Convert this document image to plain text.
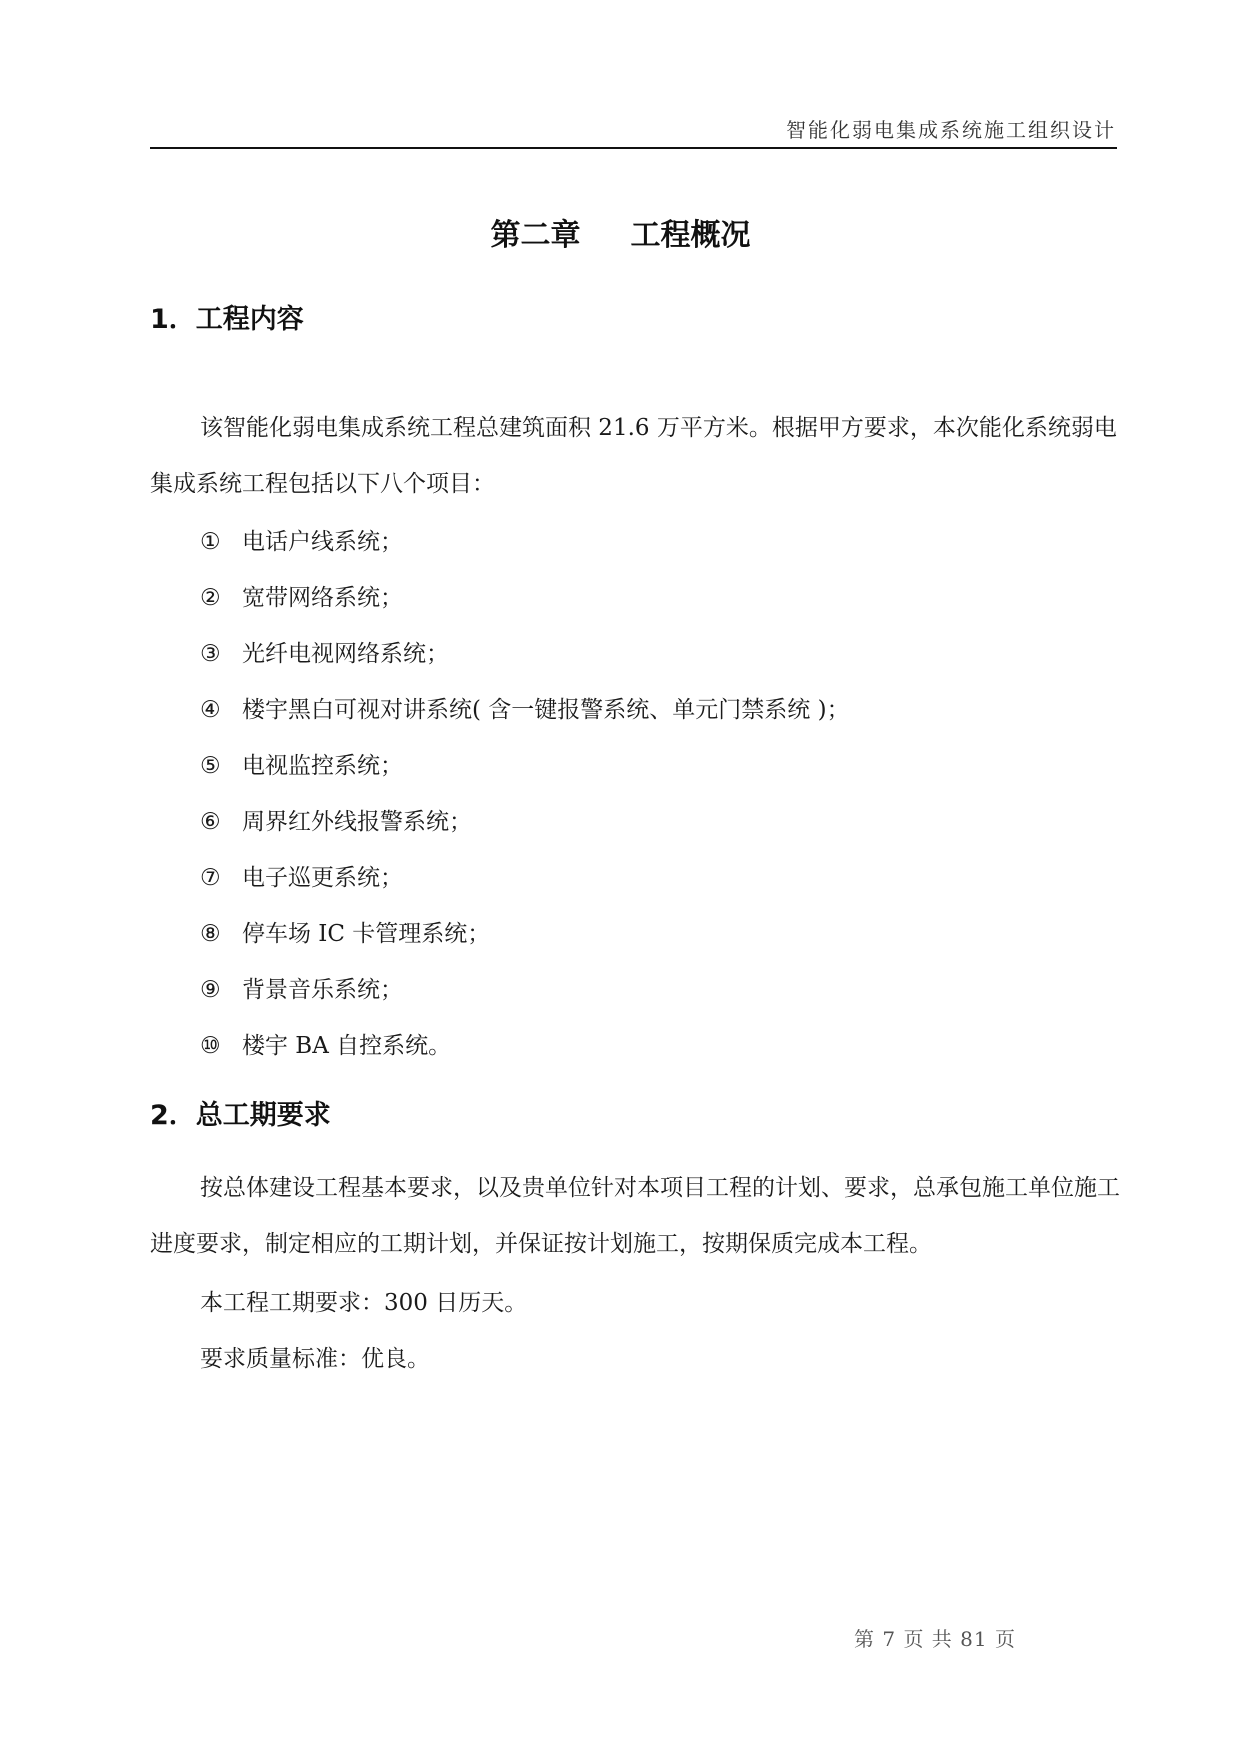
智能化弱电集成系统施工组织设计
第二章 工程概况
1．工程内容
该智能化弱电集成系统工程总建筑面积 21.6 万平方米。根据甲方要求，本次能化系统弱电集成系统工程包括以下八个项目：
① 电话户线系统；
② 宽带网络系统；
③ 光纤电视网络系统；
④ 楼宇黑白可视对讲系统( 含一键报警系统、单元门禁系统 )；
⑤ 电视监控系统；
⑥ 周界红外线报警系统；
⑦ 电子巡更系统；
⑧ 停车场 IC 卡管理系统；
⑨ 背景音乐系统；
⑩ 楼宇 BA 自控系统。
2．总工期要求
按总体建设工程基本要求，以及贵单位针对本项目工程的计划、要求，总承包施工单位施工进度要求，制定相应的工期计划，并保证按计划施工，按期保质完成本工程。
本工程工期要求：300 日历天。
要求质量标准：优良。
第 7 页 共 81 页
